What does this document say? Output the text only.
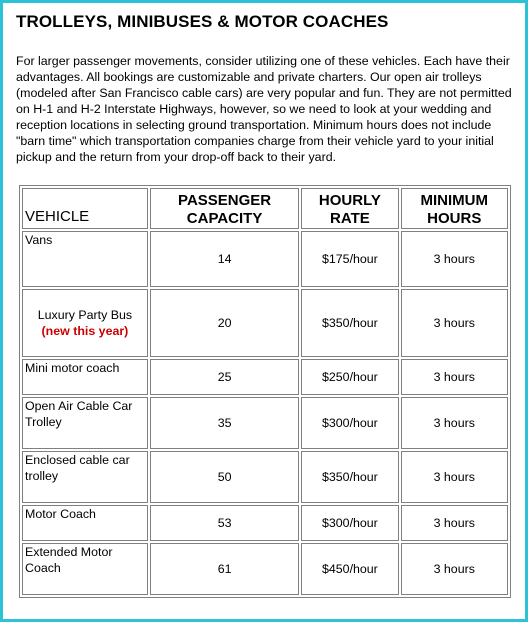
TROLLEYS, MINIBUSES & MOTOR COACHES

For larger passenger movements, consider utilizing one of these vehicles. Each have their advantages. All bookings are customizable and private charters. Our open air trolleys (modeled after San Francisco cable cars) are very popular and fun. They are not permitted on H-1 and H-2 Interstate Highways, however, so we need to look at your wedding and reception locations in selecting ground transportation. Minimum hours does not include "barn time" which transportation companies charge from their vehicle yard to your initial pickup and the return from your drop-off back to their yard.

VEHICLE	PASSENGER CAPACITY	HOURLY RATE	MINIMUM HOURS
Vans	14	$175/hour	3 hours
Luxury Party Bus
(new this year)	20	$350/hour	3 hours
Mini motor coach	25	$250/hour	3 hours
Open Air Cable Car Trolley	35	$300/hour	3 hours
Enclosed cable car trolley	50	$350/hour	3 hours
Motor Coach	53	$300/hour	3 hours
Extended Motor Coach	61	$450/hour	3 hours
